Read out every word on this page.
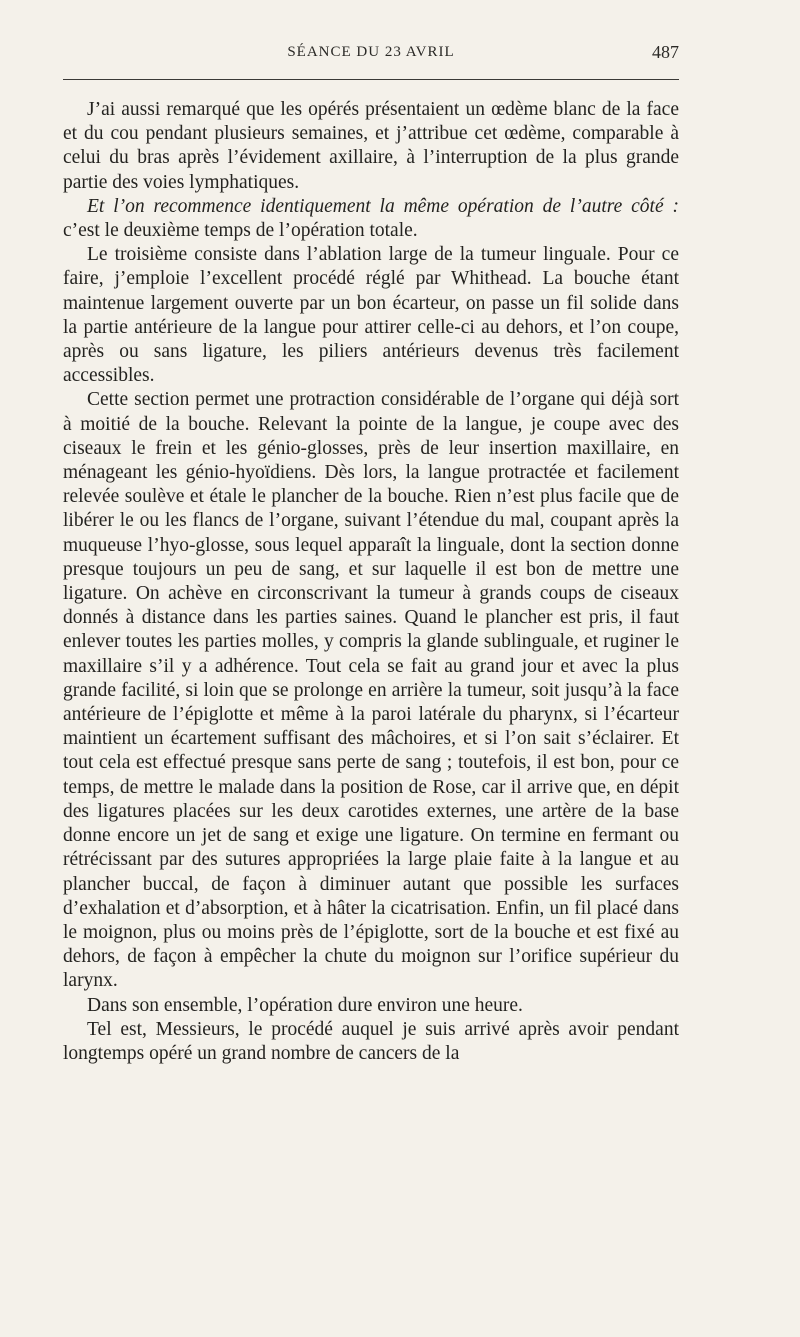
SÉANCE DU 23 AVRIL	487

J’ai aussi remarqué que les opérés présentaient un œdème blanc de la face et du cou pendant plusieurs semaines, et j’attribue cet œdème, comparable à celui du bras après l’évidement axillaire, à l’interruption de la plus grande partie des voies lymphatiques.

Et l’on recommence identiquement la même opération de l’autre côté : c’est le deuxième temps de l’opération totale.

Le troisième consiste dans l’ablation large de la tumeur linguale. Pour ce faire, j’emploie l’excellent procédé réglé par Whithead. La bouche étant maintenue largement ouverte par un bon écarteur, on passe un fil solide dans la partie antérieure de la langue pour attirer celle-ci au dehors, et l’on coupe, après ou sans ligature, les piliers antérieurs devenus très facilement accessibles.

Cette section permet une protraction considérable de l’organe qui déjà sort à moitié de la bouche. Relevant la pointe de la langue, je coupe avec des ciseaux le frein et les génio-glosses, près de leur insertion maxillaire, en ménageant les génio-hyoïdiens. Dès lors, la langue protractée et facilement relevée soulève et étale le plancher de la bouche. Rien n’est plus facile que de libérer le ou les flancs de l’organe, suivant l’étendue du mal, coupant après la muqueuse l’hyo-glosse, sous lequel apparaît la linguale, dont la section donne presque toujours un peu de sang, et sur laquelle il est bon de mettre une ligature. On achève en circonscrivant la tumeur à grands coups de ciseaux donnés à distance dans les parties saines. Quand le plancher est pris, il faut enlever toutes les parties molles, y compris la glande sublinguale, et ruginer le maxillaire s’il y a adhérence. Tout cela se fait au grand jour et avec la plus grande facilité, si loin que se prolonge en arrière la tumeur, soit jusqu’à la face antérieure de l’épiglotte et même à la paroi latérale du pharynx, si l’écarteur maintient un écartement suffisant des mâchoires, et si l’on sait s’éclairer. Et tout cela est effectué presque sans perte de sang ; toutefois, il est bon, pour ce temps, de mettre le malade dans la position de Rose, car il arrive que, en dépit des ligatures placées sur les deux carotides externes, une artère de la base donne encore un jet de sang et exige une ligature. On termine en fermant ou rétrécissant par des sutures appropriées la large plaie faite à la langue et au plancher buccal, de façon à diminuer autant que possible les surfaces d’exhalation et d’absorption, et à hâter la cicatrisation. Enfin, un fil placé dans le moignon, plus ou moins près de l’épiglotte, sort de la bouche et est fixé au dehors, de façon à empêcher la chute du moignon sur l’orifice supérieur du larynx.

Dans son ensemble, l’opération dure environ une heure.

Tel est, Messieurs, le procédé auquel je suis arrivé après avoir pendant longtemps opéré un grand nombre de cancers de la
